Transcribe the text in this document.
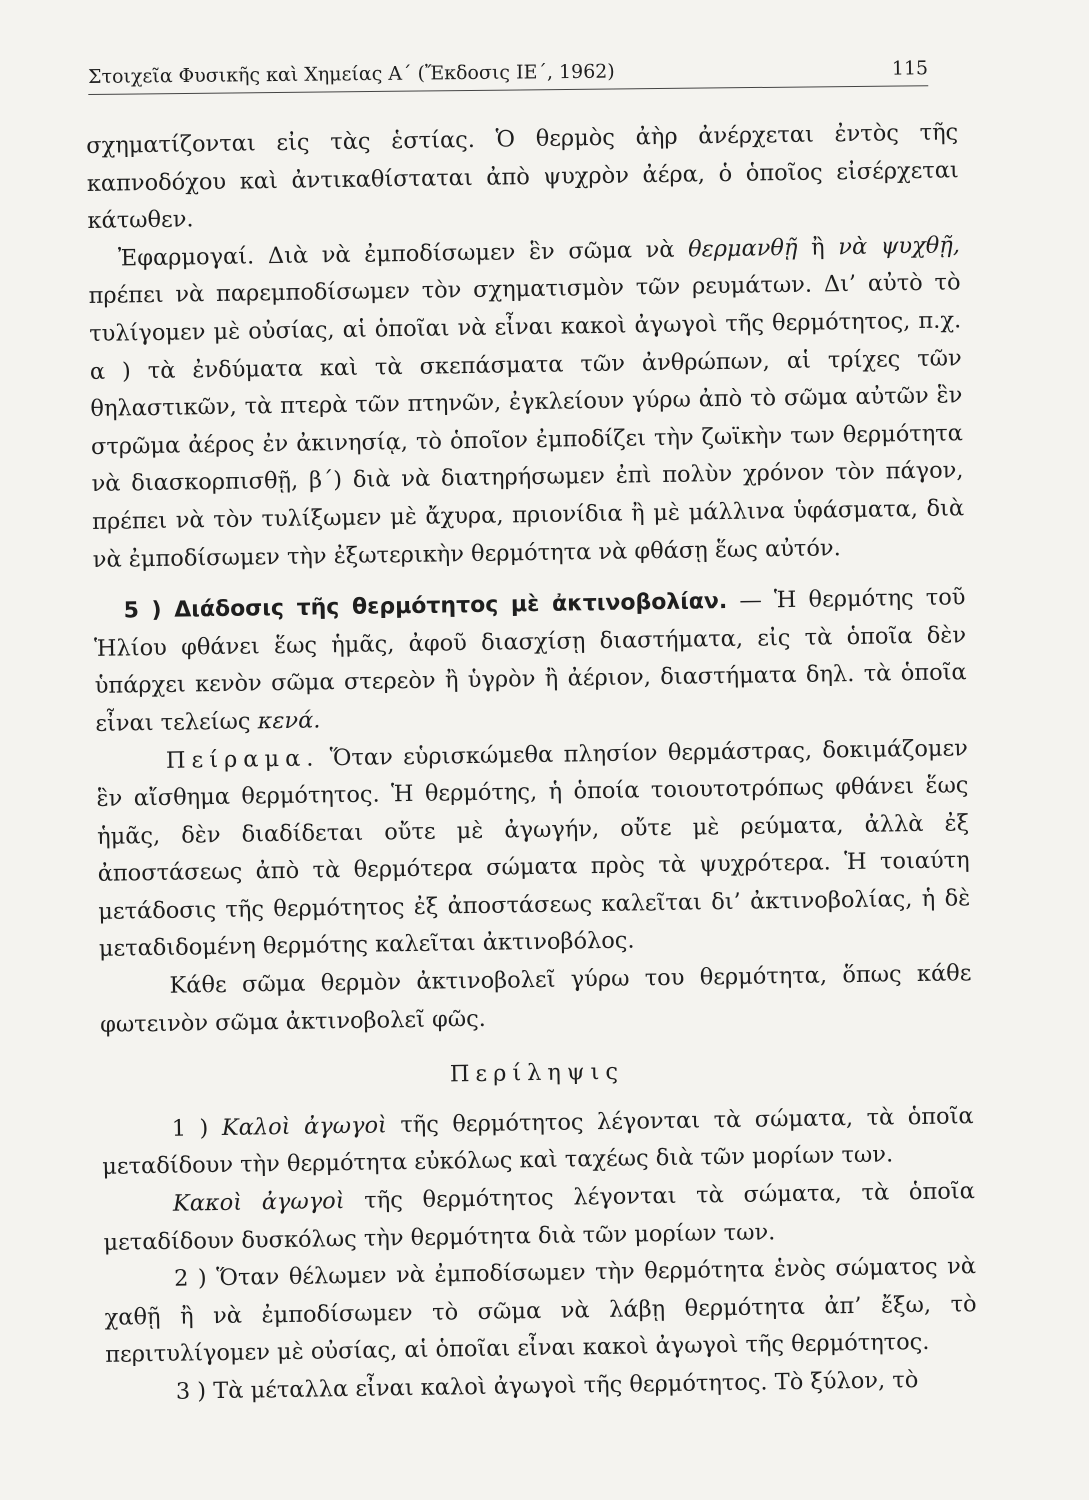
Στοιχεῖα Φυσικῆς καὶ Χημείας Α΄ (Ἔκδοσις ΙΕ΄, 1962)	115

σχηματίζονται εἰς τὰς ἑστίας. Ὁ θερμὸς ἀὴρ ἀνέρχεται ἐντὸς τῆς καπνοδόχου καὶ ἀντικαθίσταται ἀπὸ ψυχρὸν ἀέρα, ὁ ὁποῖος εἰσέρχεται κάτωθεν.

Ἐφαρμογαί. Διὰ νὰ ἐμποδίσωμεν ἓν σῶμα νὰ θερμανθῇ ἢ νὰ ψυχθῇ, πρέπει νὰ παρεμποδίσωμεν τὸν σχηματισμὸν τῶν ρευμάτων. Δι’ αὐτὸ τὸ τυλίγομεν μὲ οὐσίας, αἱ ὁποῖαι νὰ εἶναι κακοὶ ἀγωγοὶ τῆς θερμότητος, π.χ. α ) τὰ ἐνδύματα καὶ τὰ σκεπάσματα τῶν ἀνθρώπων, αἱ τρίχες τῶν θηλαστικῶν, τὰ πτερὰ τῶν πτηνῶν, ἐγκλείουν γύρω ἀπὸ τὸ σῶμα αὐτῶν ἓν στρῶμα ἀέρος ἐν ἀκινησίᾳ, τὸ ὁποῖον ἐμποδίζει τὴν ζωϊκὴν των θερμότητα νὰ διασκορπισθῇ, β΄) διὰ νὰ διατηρήσωμεν ἐπὶ πολὺν χρόνον τὸν πάγον, πρέπει νὰ τὸν τυλίξωμεν μὲ ἄχυρα, πριονίδια ἢ μὲ μάλλινα ὑφάσματα, διὰ νὰ ἐμποδίσωμεν τὴν ἐξωτερικὴν θερμότητα νὰ φθάσῃ ἕως αὐτόν.

5 ) Διάδοσις τῆς θερμότητος μὲ ἀκτινοβολίαν. — Ἡ θερμότης τοῦ Ἡλίου φθάνει ἕως ἡμᾶς, ἀφοῦ διασχίσῃ διαστήματα, εἰς τὰ ὁποῖα δὲν ὑπάρχει κενὸν σῶμα στερεὸν ἢ ὑγρὸν ἢ ἀέριον, διαστήματα δηλ. τὰ ὁποῖα εἶναι τελείως κενά.

Πείραμα. Ὅταν εὑρισκώμεθα πλησίον θερμάστρας, δοκιμάζομεν ἓν αἴσθημα θερμότητος. Ἡ θερμότης, ἡ ὁποία τοιουτοτρόπως φθάνει ἕως ἡμᾶς, δὲν διαδίδεται οὔτε μὲ ἀγωγήν, οὔτε μὲ ρεύματα, ἀλλὰ ἐξ ἀποστάσεως ἀπὸ τὰ θερμότερα σώματα πρὸς τὰ ψυχρότερα. Ἡ τοιαύτη μετάδοσις τῆς θερμότητος ἐξ ἀποστάσεως καλεῖται δι’ ἀκτινοβολίας, ἡ δὲ μεταδιδομένη θερμότης καλεῖται ἀκτινοβόλος.

Κάθε σῶμα θερμὸν ἀκτινοβολεῖ γύρω του θερμότητα, ὅπως κάθε φωτεινὸν σῶμα ἀκτινοβολεῖ φῶς.

Περίληψις

1 ) Καλοὶ ἀγωγοὶ τῆς θερμότητος λέγονται τὰ σώματα, τὰ ὁποῖα μεταδίδουν τὴν θερμότητα εὐκόλως καὶ ταχέως διὰ τῶν μορίων των.

Κακοὶ ἀγωγοὶ τῆς θερμότητος λέγονται τὰ σώματα, τὰ ὁποῖα μεταδίδουν δυσκόλως τὴν θερμότητα διὰ τῶν μορίων των.

2 ) Ὅταν θέλωμεν νὰ ἐμποδίσωμεν τὴν θερμότητα ἑνὸς σώματος νὰ χαθῇ ἢ νὰ ἐμποδίσωμεν τὸ σῶμα νὰ λάβῃ θερμότητα ἀπ’ ἔξω, τὸ περιτυλίγομεν μὲ οὐσίας, αἱ ὁποῖαι εἶναι κακοὶ ἀγωγοὶ τῆς θερμότητος.

3 ) Τὰ μέταλλα εἶναι καλοὶ ἀγωγοὶ τῆς θερμότητος. Τὸ ξύλον, τὸ
